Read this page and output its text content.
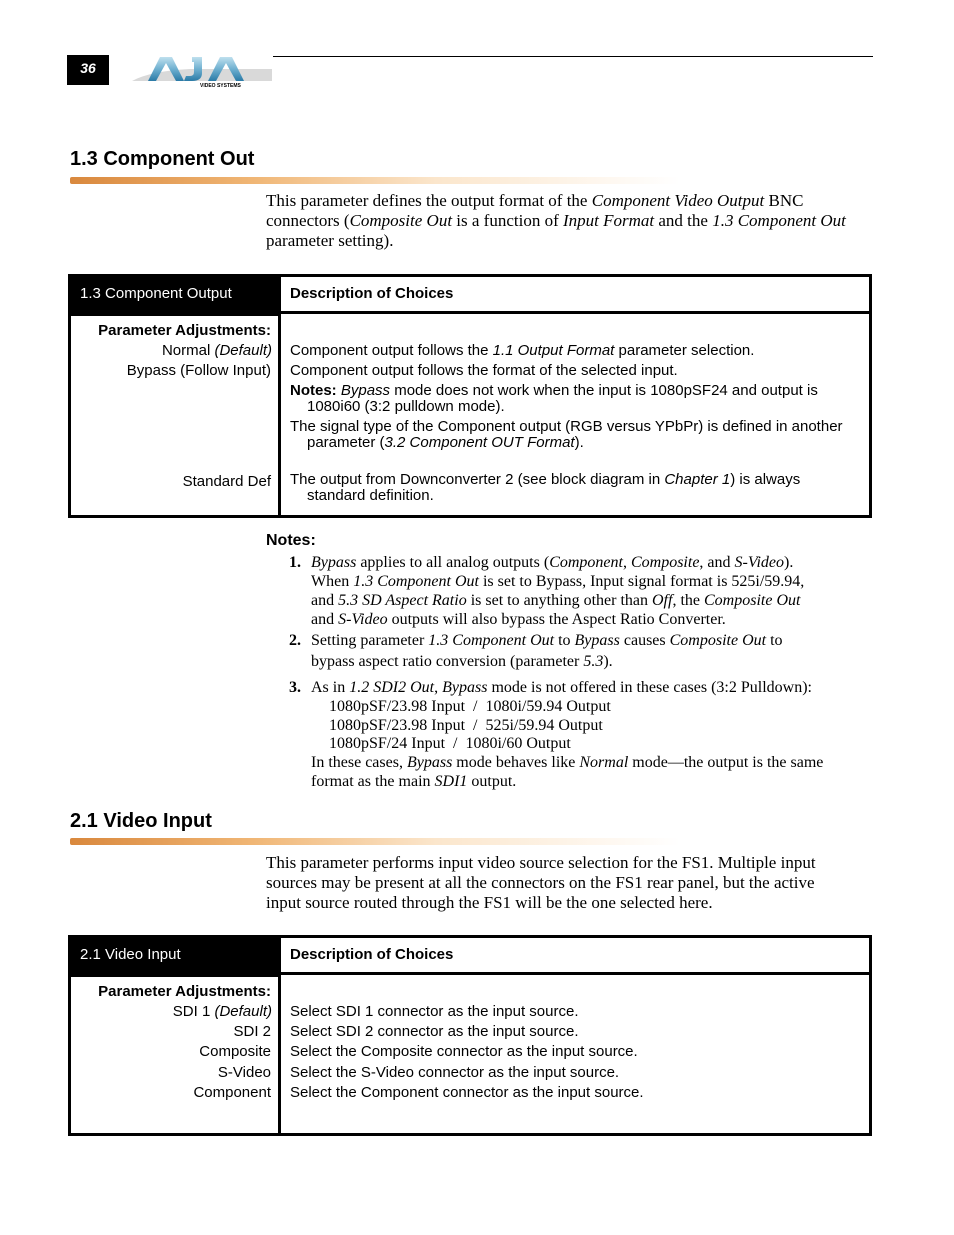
36
VIDEO SYSTEMS
1.3 Component Out
This parameter defines the output format of the Component Video Output BNC connectors (Composite Out is a function of Input Format and the 1.3 Component Out parameter setting).
1.3 Component Output	Description of Choices
Parameter Adjustments:
Normal (Default)
Bypass (Follow Input)
Standard Def
Component output follows the 1.1 Output Format parameter selection.
Component output follows the format of the selected input.
Notes: Bypass mode does not work when the input is 1080pSF24 and output is
1080i60 (3:2 pulldown mode).
The signal type of the Component output (RGB versus YPbPr) is defined in another
parameter (3.2 Component OUT Format).
The output from Downconverter 2 (see block diagram in Chapter 1) is always
standard definition.
Notes:
1. Bypass applies to all analog outputs (Component, Composite, and S-Video).
When 1.3 Component Out is set to Bypass, Input signal format is 525i/59.94,
and 5.3 SD Aspect Ratio is set to anything other than Off, the Composite Out
and S-Video outputs will also bypass the Aspect Ratio Converter.
2. Setting parameter 1.3 Component Out to Bypass causes Composite Out to
bypass aspect ratio conversion (parameter 5.3).
3. As in 1.2 SDI2 Out, Bypass mode is not offered in these cases (3:2 Pulldown):
1080pSF/23.98 Input  /  1080i/59.94 Output
1080pSF/23.98 Input  /  525i/59.94 Output
1080pSF/24 Input  /  1080i/60 Output
In these cases, Bypass mode behaves like Normal mode—the output is the same
format as the main SDI1 output.
2.1 Video Input
This parameter performs input video source selection for the FS1. Multiple input
sources may be present at all the connectors on the FS1 rear panel, but the active
input source routed through the FS1 will be the one selected here.
2.1 Video Input	Description of Choices
Parameter Adjustments:
SDI 1 (Default)
SDI 2
Composite
S-Video
Component
Select SDI 1 connector as the input source.
Select SDI 2 connector as the input source.
Select the Composite connector as the input source.
Select the S-Video connector as the input source.
Select the Component connector as the input source.
